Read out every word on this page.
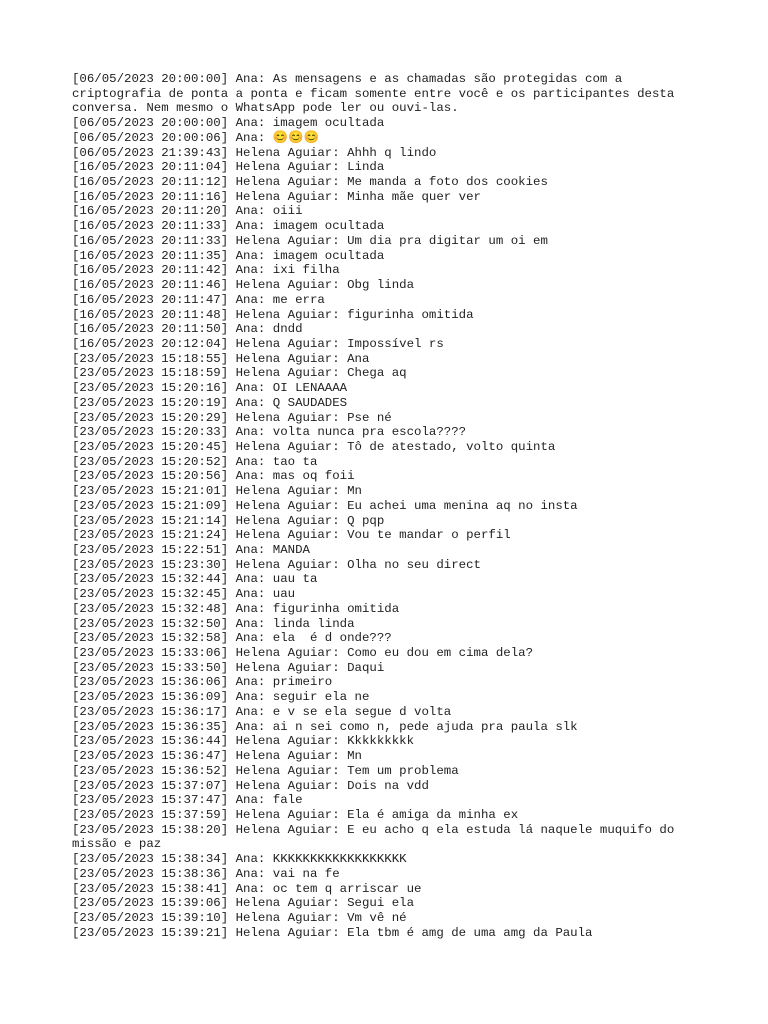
[06/05/2023 20:00:00] Ana: As mensagens e as chamadas são protegidas com a
criptografia de ponta a ponta e ficam somente entre você e os participantes desta
conversa. Nem mesmo o WhatsApp pode ler ou ouvi-las.
[06/05/2023 20:00:00] Ana: imagem ocultada
[06/05/2023 20:00:06] Ana: 😊😊😊
[06/05/2023 21:39:43] Helena Aguiar: Ahhh q lindo
[16/05/2023 20:11:04] Helena Aguiar: Linda
[16/05/2023 20:11:12] Helena Aguiar: Me manda a foto dos cookies
[16/05/2023 20:11:16] Helena Aguiar: Minha mãe quer ver
[16/05/2023 20:11:20] Ana: oiii
[16/05/2023 20:11:33] Ana: imagem ocultada
[16/05/2023 20:11:33] Helena Aguiar: Um dia pra digitar um oi em
[16/05/2023 20:11:35] Ana: imagem ocultada
[16/05/2023 20:11:42] Ana: ixi filha
[16/05/2023 20:11:46] Helena Aguiar: Obg linda
[16/05/2023 20:11:47] Ana: me erra
[16/05/2023 20:11:48] Helena Aguiar: figurinha omitida
[16/05/2023 20:11:50] Ana: dndd
[16/05/2023 20:12:04] Helena Aguiar: Impossível rs
[23/05/2023 15:18:55] Helena Aguiar: Ana
[23/05/2023 15:18:59] Helena Aguiar: Chega aq
[23/05/2023 15:20:16] Ana: OI LENAAAA
[23/05/2023 15:20:19] Ana: Q SAUDADES
[23/05/2023 15:20:29] Helena Aguiar: Pse né
[23/05/2023 15:20:33] Ana: volta nunca pra escola????
[23/05/2023 15:20:45] Helena Aguiar: Tô de atestado, volto quinta
[23/05/2023 15:20:52] Ana: tao ta
[23/05/2023 15:20:56] Ana: mas oq foii
[23/05/2023 15:21:01] Helena Aguiar: Mn
[23/05/2023 15:21:09] Helena Aguiar: Eu achei uma menina aq no insta
[23/05/2023 15:21:14] Helena Aguiar: Q pqp
[23/05/2023 15:21:24] Helena Aguiar: Vou te mandar o perfil
[23/05/2023 15:22:51] Ana: MANDA
[23/05/2023 15:23:30] Helena Aguiar: Olha no seu direct
[23/05/2023 15:32:44] Ana: uau ta
[23/05/2023 15:32:45] Ana: uau
[23/05/2023 15:32:48] Ana: figurinha omitida
[23/05/2023 15:32:50] Ana: linda linda
[23/05/2023 15:32:58] Ana: ela  é d onde???
[23/05/2023 15:33:06] Helena Aguiar: Como eu dou em cima dela?
[23/05/2023 15:33:50] Helena Aguiar: Daqui
[23/05/2023 15:36:06] Ana: primeiro
[23/05/2023 15:36:09] Ana: seguir ela ne
[23/05/2023 15:36:17] Ana: e v se ela segue d volta
[23/05/2023 15:36:35] Ana: ai n sei como n, pede ajuda pra paula slk
[23/05/2023 15:36:44] Helena Aguiar: Kkkkkkkkk
[23/05/2023 15:36:47] Helena Aguiar: Mn
[23/05/2023 15:36:52] Helena Aguiar: Tem um problema
[23/05/2023 15:37:07] Helena Aguiar: Dois na vdd
[23/05/2023 15:37:47] Ana: fale
[23/05/2023 15:37:59] Helena Aguiar: Ela é amiga da minha ex
[23/05/2023 15:38:20] Helena Aguiar: E eu acho q ela estuda lá naquele muquifo do
missão e paz
[23/05/2023 15:38:34] Ana: KKKKKKKKKKKKKKKKKK
[23/05/2023 15:38:36] Ana: vai na fe
[23/05/2023 15:38:41] Ana: oc tem q arriscar ue
[23/05/2023 15:39:06] Helena Aguiar: Segui ela
[23/05/2023 15:39:10] Helena Aguiar: Vm vê né
[23/05/2023 15:39:21] Helena Aguiar: Ela tbm é amg de uma amg da Paula
